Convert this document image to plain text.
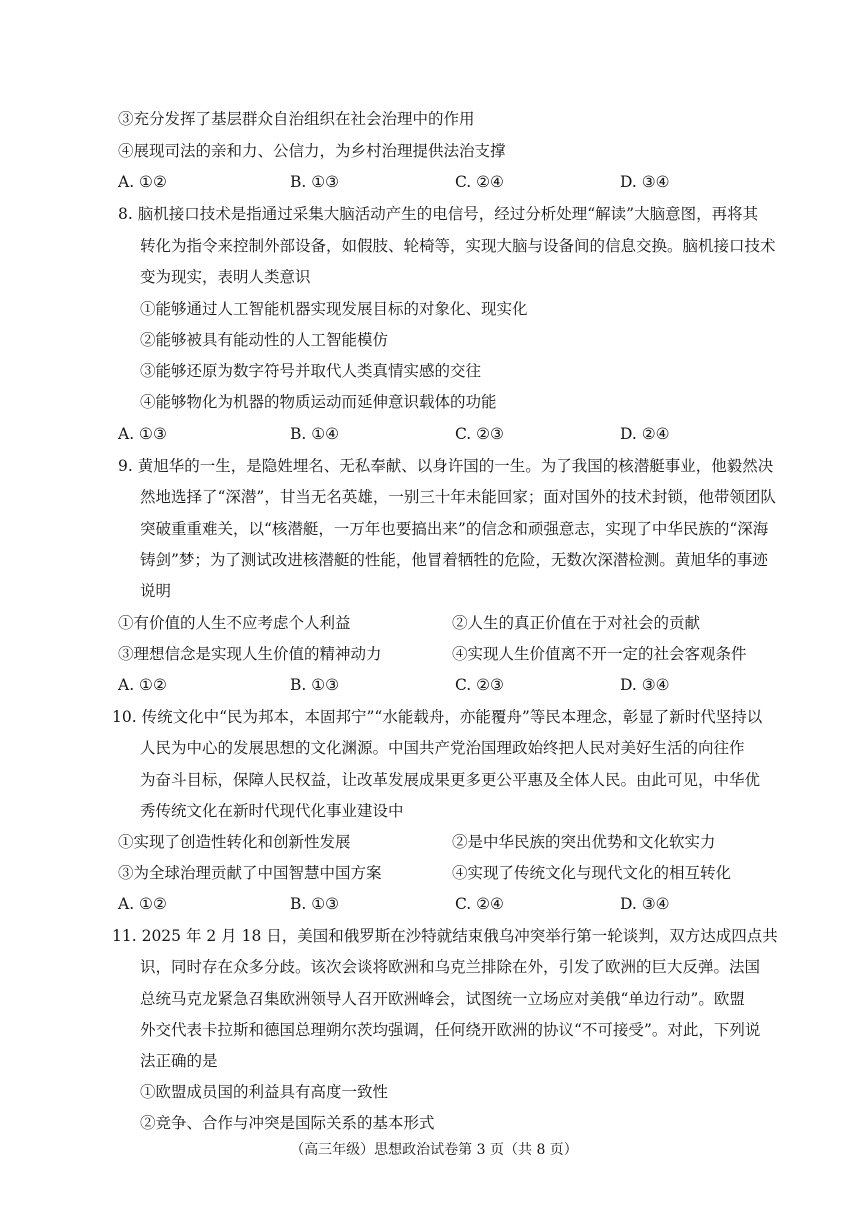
③充分发挥了基层群众自治组织在社会治理中的作用
④展现司法的亲和力、公信力，为乡村治理提供法治支撑
A. ①②	B. ①③	C. ②④	D. ③④
8. 脑机接口技术是指通过采集大脑活动产生的电信号，经过分析处理“解读”大脑意图，再将其
转化为指令来控制外部设备，如假肢、轮椅等，实现大脑与设备间的信息交换。脑机接口技术
变为现实，表明人类意识
①能够通过人工智能机器实现发展目标的对象化、现实化
②能够被具有能动性的人工智能模仿
③能够还原为数字符号并取代人类真情实感的交往
④能够物化为机器的物质运动而延伸意识载体的功能
A. ①③	B. ①④	C. ②③	D. ②④
9. 黄旭华的一生，是隐姓埋名、无私奉献、以身许国的一生。为了我国的核潜艇事业，他毅然决
然地选择了“深潜”，甘当无名英雄，一别三十年未能回家；面对国外的技术封锁，他带领团队
突破重重难关，以“核潜艇，一万年也要搞出来”的信念和顽强意志，实现了中华民族的“深海
铸剑”梦；为了测试改进核潜艇的性能，他冒着牺牲的危险，无数次深潜检测。黄旭华的事迹
说明
①有价值的人生不应考虑个人利益	②人生的真正价值在于对社会的贡献
③理想信念是实现人生价值的精神动力	④实现人生价值离不开一定的社会客观条件
A. ①②	B. ①③	C. ②③	D. ③④
10. 传统文化中“民为邦本，本固邦宁”“水能载舟，亦能覆舟”等民本理念，彰显了新时代坚持以
人民为中心的发展思想的文化渊源。中国共产党治国理政始终把人民对美好生活的向往作
为奋斗目标，保障人民权益，让改革发展成果更多更公平惠及全体人民。由此可见，中华优
秀传统文化在新时代现代化事业建设中
①实现了创造性转化和创新性发展	②是中华民族的突出优势和文化软实力
③为全球治理贡献了中国智慧中国方案	④实现了传统文化与现代文化的相互转化
A. ①②	B. ①③	C. ②④	D. ③④
11. 2025 年 2 月 18 日，美国和俄罗斯在沙特就结束俄乌冲突举行第一轮谈判，双方达成四点共
识，同时存在众多分歧。该次会谈将欧洲和乌克兰排除在外，引发了欧洲的巨大反弹。法国
总统马克龙紧急召集欧洲领导人召开欧洲峰会，试图统一立场应对美俄“单边行动”。欧盟
外交代表卡拉斯和德国总理朔尔茨均强调，任何绕开欧洲的协议“不可接受”。对此，下列说
法正确的是
①欧盟成员国的利益具有高度一致性
②竞争、合作与冲突是国际关系的基本形式
（高三年级）思想政治试卷第 3 页（共 8 页）
